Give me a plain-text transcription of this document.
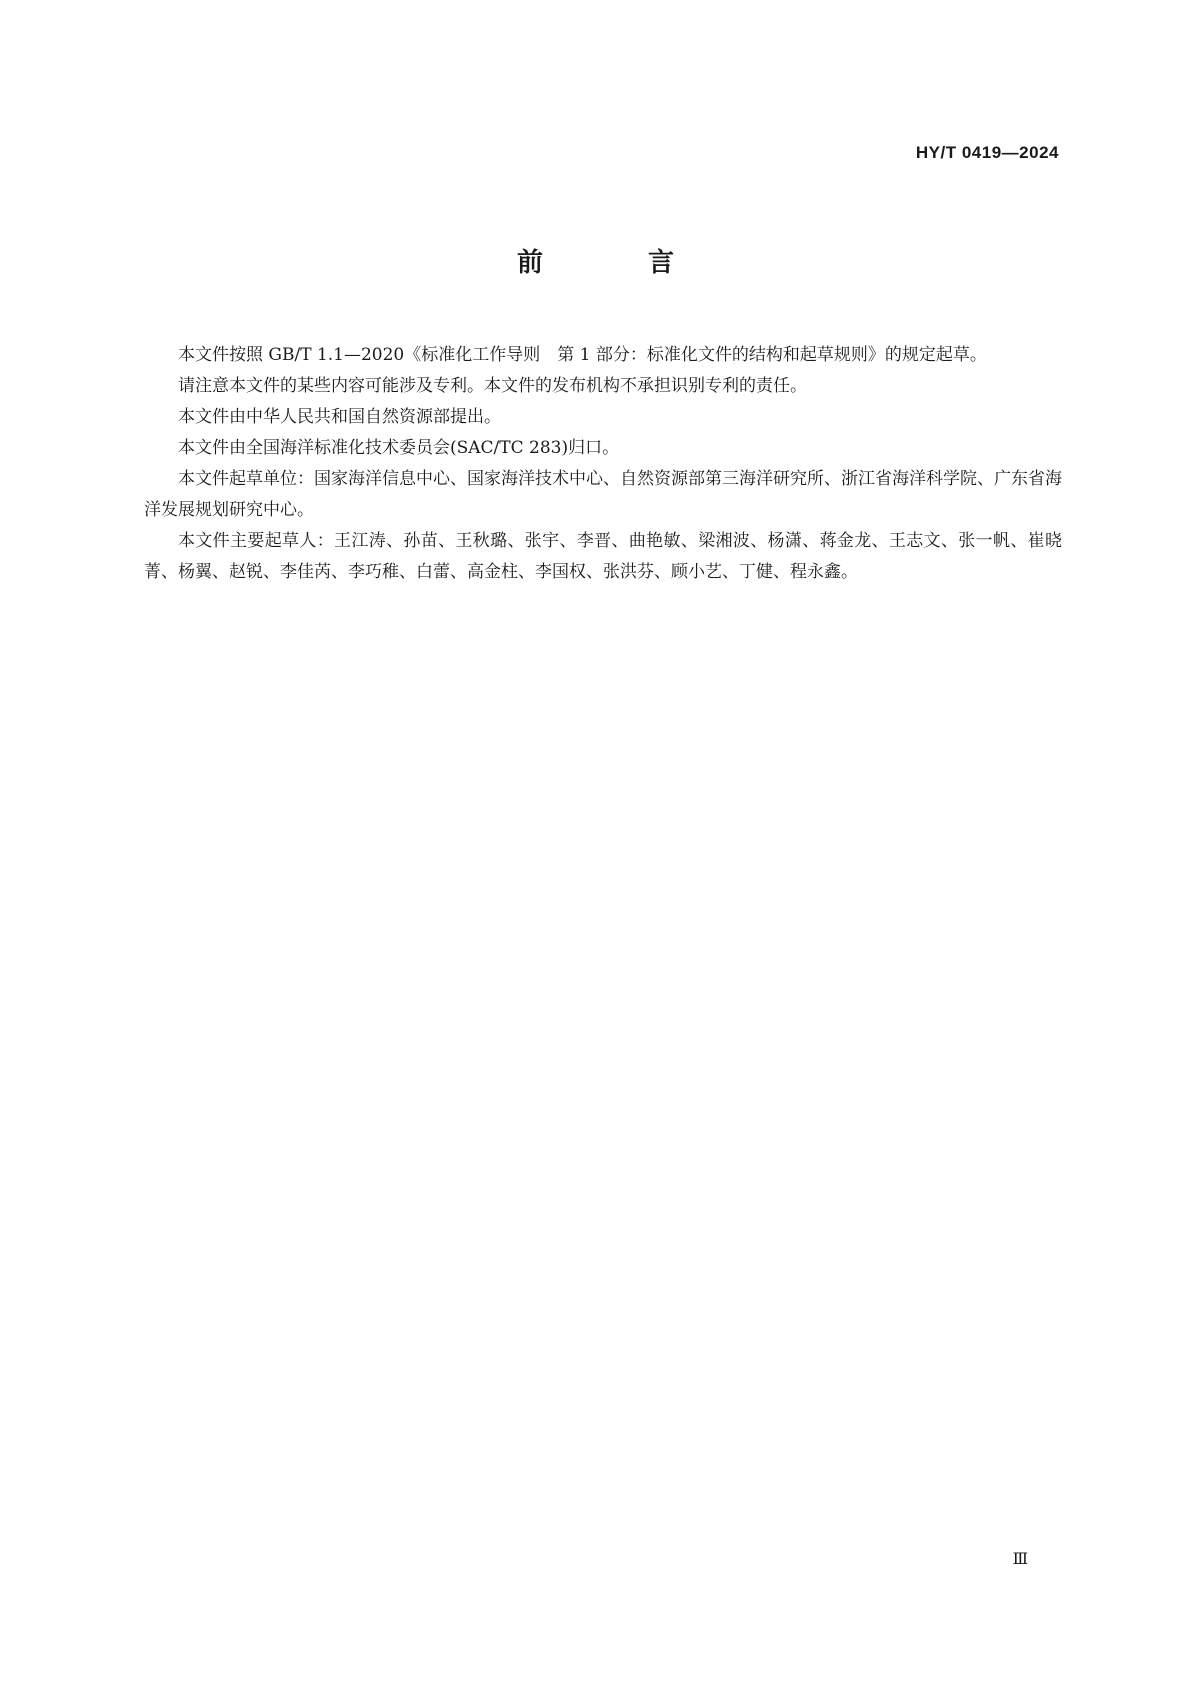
HY/T 0419—2024
前 言

本文件按照 GB/T 1.1—2020《标准化工作导则　第 1 部分：标准化文件的结构和起草规则》的规定起草。

请注意本文件的某些内容可能涉及专利。本文件的发布机构不承担识别专利的责任。

本文件由中华人民共和国自然资源部提出。

本文件由全国海洋标准化技术委员会(SAC/TC 283)归口。

本文件起草单位：国家海洋信息中心、国家海洋技术中心、自然资源部第三海洋研究所、浙江省海洋科学院、广东省海洋发展规划研究中心。

本文件主要起草人：王江涛、孙苗、王秋璐、张宇、李晋、曲艳敏、梁湘波、杨潇、蒋金龙、王志文、张一帆、崔晓菁、杨翼、赵锐、李佳芮、李巧稚、白蕾、高金柱、李国权、张洪芬、顾小艺、丁健、程永鑫。

Ⅲ
